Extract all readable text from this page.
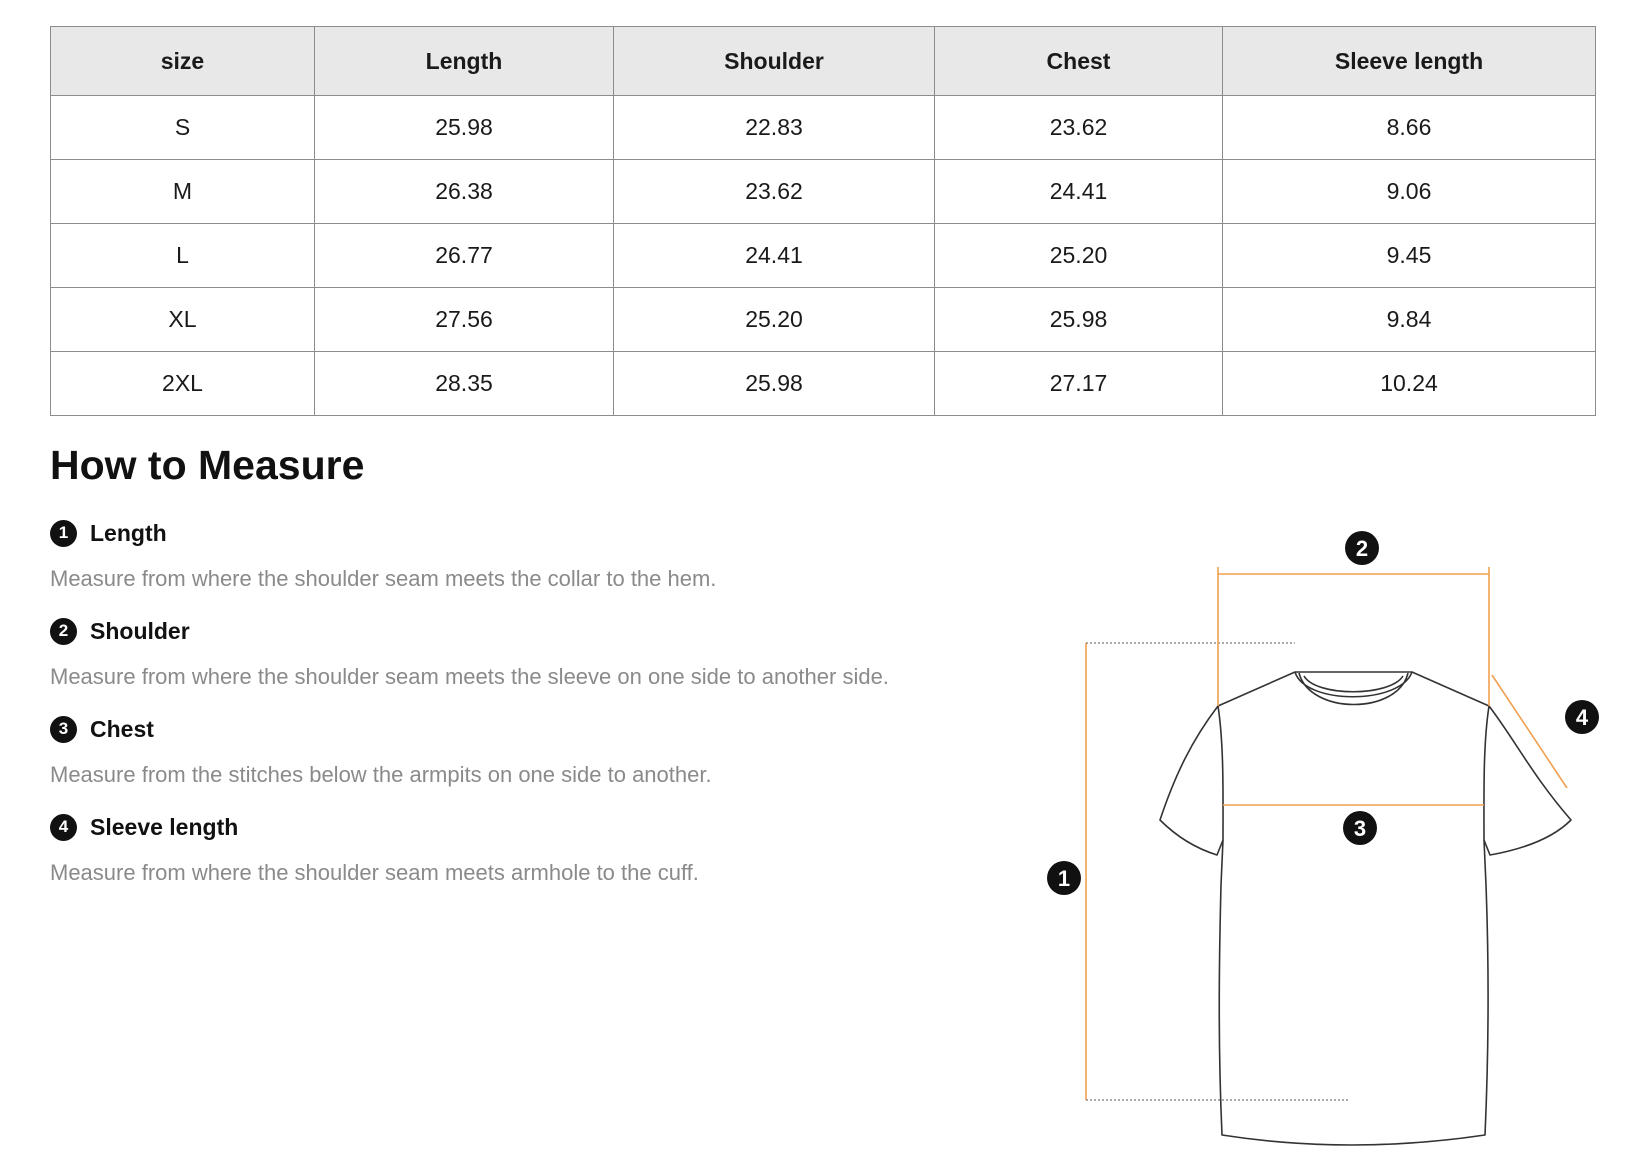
size	Length	Shoulder	Chest	Sleeve length
S	25.98	22.83	23.62	8.66
M	26.38	23.62	24.41	9.06
L	26.77	24.41	25.20	9.45
XL	27.56	25.20	25.98	9.84
2XL	28.35	25.98	27.17	10.24
How to Measure
1 Length
Measure from where the shoulder seam meets the collar to the hem.
2 Shoulder
Measure from where the shoulder seam meets the sleeve on one side to another side.
3 Chest
Measure from the stitches below the armpits on one side to another.
4 Sleeve length
Measure from where the shoulder seam meets armhole to the cuff.	1
2
3
4
